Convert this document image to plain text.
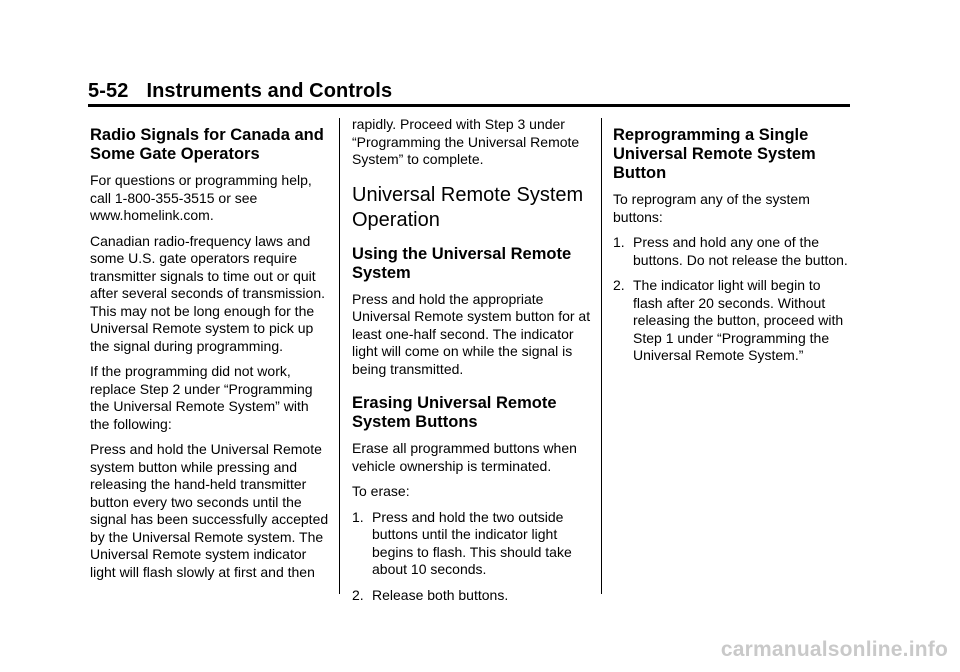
5-52 Instruments and Controls
Radio Signals for Canada and Some Gate Operators

For questions or programming help, call 1-800-355-3515 or see www.homelink.com.

Canadian radio-frequency laws and some U.S. gate operators require transmitter signals to time out or quit after several seconds of transmission. This may not be long enough for the Universal Remote system to pick up the signal during programming.

If the programming did not work, replace Step 2 under “Programming the Universal Remote System” with the following:

Press and hold the Universal Remote system button while pressing and releasing the hand-held transmitter button every two seconds until the signal has been successfully accepted by the Universal Remote system. The Universal Remote system indicator light will flash slowly at first and then

rapidly. Proceed with Step 3 under “Programming the Universal Remote System” to complete.

Universal Remote System Operation
Using the Universal Remote System

Press and hold the appropriate Universal Remote system button for at least one-half second. The indicator light will come on while the signal is being transmitted.

Erasing Universal Remote System Buttons

Erase all programmed buttons when vehicle ownership is terminated.

To erase:

1. Press and hold the two outside buttons until the indicator light begins to flash. This should take about 10 seconds.
2. Release both buttons.
Reprogramming a Single Universal Remote System Button

To reprogram any of the system buttons:

1. Press and hold any one of the buttons. Do not release the button.
2. The indicator light will begin to flash after 20 seconds. Without releasing the button, proceed with Step 1 under “Programming the Universal Remote System.”
carmanualsonline.info
